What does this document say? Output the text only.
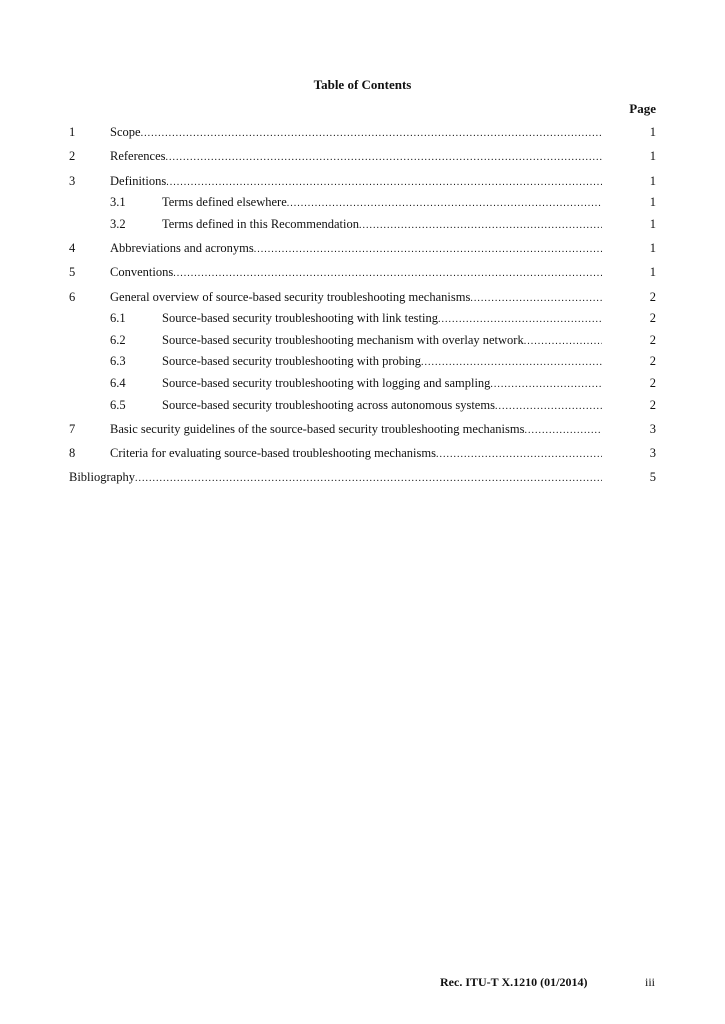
Table of Contents
Page
1	Scope .....	1
2	References .....	1
3	Definitions .....	1
3.1	Terms defined elsewhere .....	1
3.2	Terms defined in this Recommendation .....	1
4	Abbreviations and acronyms .....	1
5	Conventions .....	1
6	General overview of source-based security troubleshooting mechanisms .....	2
6.1	Source-based security troubleshooting with link testing .....	2
6.2	Source-based security troubleshooting mechanism with overlay network .....	2
6.3	Source-based security troubleshooting with probing .....	2
6.4	Source-based security troubleshooting with logging and sampling .....	2
6.5	Source-based security troubleshooting across autonomous systems .....	2
7	Basic security guidelines of the source-based security troubleshooting mechanisms .....	3
8	Criteria for evaluating source-based troubleshooting mechanisms .....	3
Bibliography .....	5
Rec. ITU-T X.1210 (01/2014)	iii
